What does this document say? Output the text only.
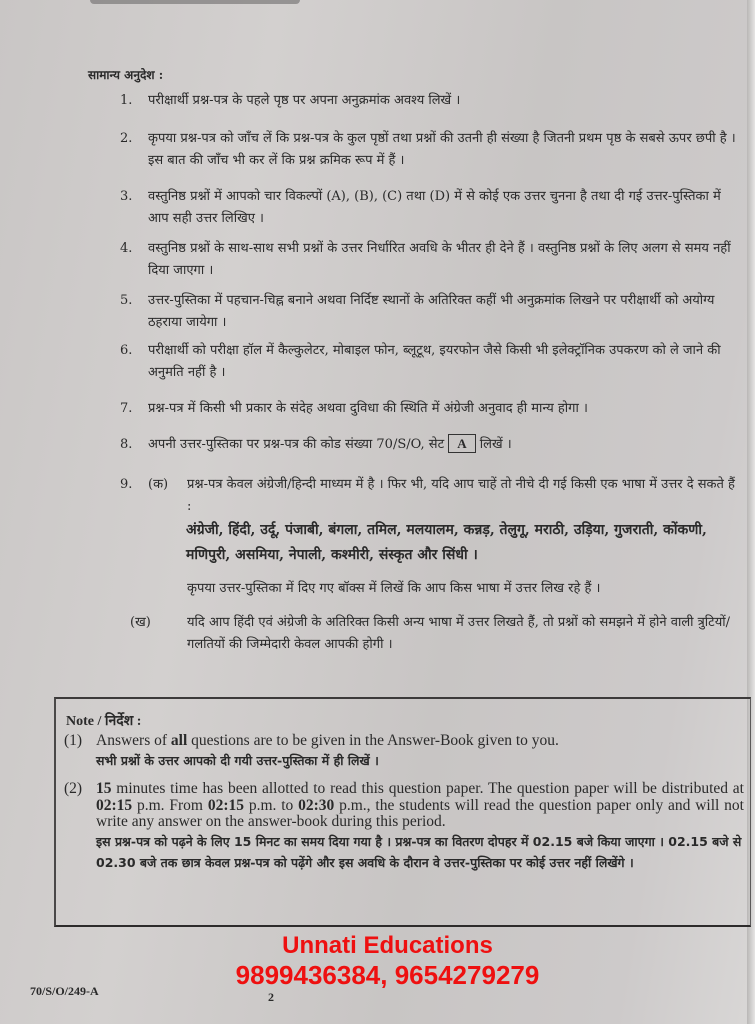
सामान्य अनुदेश :
1.	परीक्षार्थी प्रश्न-पत्र के पहले पृष्ठ पर अपना अनुक्रमांक अवश्य लिखें ।
2.	कृपया प्रश्न-पत्र को जाँच लें कि प्रश्न-पत्र के कुल पृष्ठों तथा प्रश्नों की उतनी ही संख्या है जितनी प्रथम पृष्ठ के सबसे ऊपर छपी है । इस बात की जाँच भी कर लें कि प्रश्न क्रमिक रूप में हैं ।
3.	वस्तुनिष्ठ प्रश्नों में आपको चार विकल्पों (A), (B), (C) तथा (D) में से कोई एक उत्तर चुनना है तथा दी गई उत्तर-पुस्तिका में आप सही उत्तर लिखिए ।
4.	वस्तुनिष्ठ प्रश्नों के साथ-साथ सभी प्रश्नों के उत्तर निर्धारित अवधि के भीतर ही देने हैं । वस्तुनिष्ठ प्रश्नों के लिए अलग से समय नहीं दिया जाएगा ।
5.	उत्तर-पुस्तिका में पहचान-चिह्न बनाने अथवा निर्दिष्ट स्थानों के अतिरिक्त कहीं भी अनुक्रमांक लिखने पर परीक्षार्थी को अयोग्य ठहराया जायेगा ।
6.	परीक्षार्थी को परीक्षा हॉल में कैल्कुलेटर, मोबाइल फोन, ब्लूटूथ, इयरफोन जैसे किसी भी इलेक्ट्रॉनिक उपकरण को ले जाने की अनुमति नहीं है ।
7.	प्रश्न-पत्र में किसी भी प्रकार के संदेह अथवा दुविधा की स्थिति में अंग्रेजी अनुवाद ही मान्य होगा ।
8.	अपनी उत्तर-पुस्तिका पर प्रश्न-पत्र की कोड संख्या 70/S/O, सेट A लिखें ।
9. (क) प्रश्न-पत्र केवल अंग्रेजी/हिन्दी माध्यम में है । फिर भी, यदि आप चाहें तो नीचे दी गई किसी एक भाषा में उत्तर दे सकते हैं :
अंग्रेजी, हिंदी, उर्दू, पंजाबी, बंगला, तमिल, मलयालम, कन्नड़, तेलुगू, मराठी, उड़िया, गुजराती, कोंकणी, मणिपुरी, असमिया, नेपाली, कश्मीरी, संस्कृत और सिंधी ।
कृपया उत्तर-पुस्तिका में दिए गए बॉक्स में लिखें कि आप किस भाषा में उत्तर लिख रहे हैं ।
(ख)	यदि आप हिंदी एवं अंग्रेजी के अतिरिक्त किसी अन्य भाषा में उत्तर लिखते हैं, तो प्रश्नों को समझने में होने वाली त्रुटियों/गलतियों की जिम्मेदारी केवल आपकी होगी ।
Note / निर्देश :
(1) Answers of all questions are to be given in the Answer-Book given to you.
सभी प्रश्नों के उत्तर आपको दी गयी उत्तर-पुस्तिका में ही लिखें ।
(2) 15 minutes time has been allotted to read this question paper. The question paper will be distributed at 02:15 p.m. From 02:15 p.m. to 02:30 p.m., the students will read the question paper only and will not write any answer on the answer-book during this period.
इस प्रश्न-पत्र को पढ़ने के लिए 15 मिनट का समय दिया गया है । प्रश्न-पत्र का वितरण दोपहर में 02.15 बजे किया जाएगा । 02.15 बजे से 02.30 बजे तक छात्र केवल प्रश्न-पत्र को पढ़ेंगे और इस अवधि के दौरान वे उत्तर-पुस्तिका पर कोई उत्तर नहीं लिखेंगे ।
Unnati Educations
9899436384, 9654279279
70/S/O/249-A	2
